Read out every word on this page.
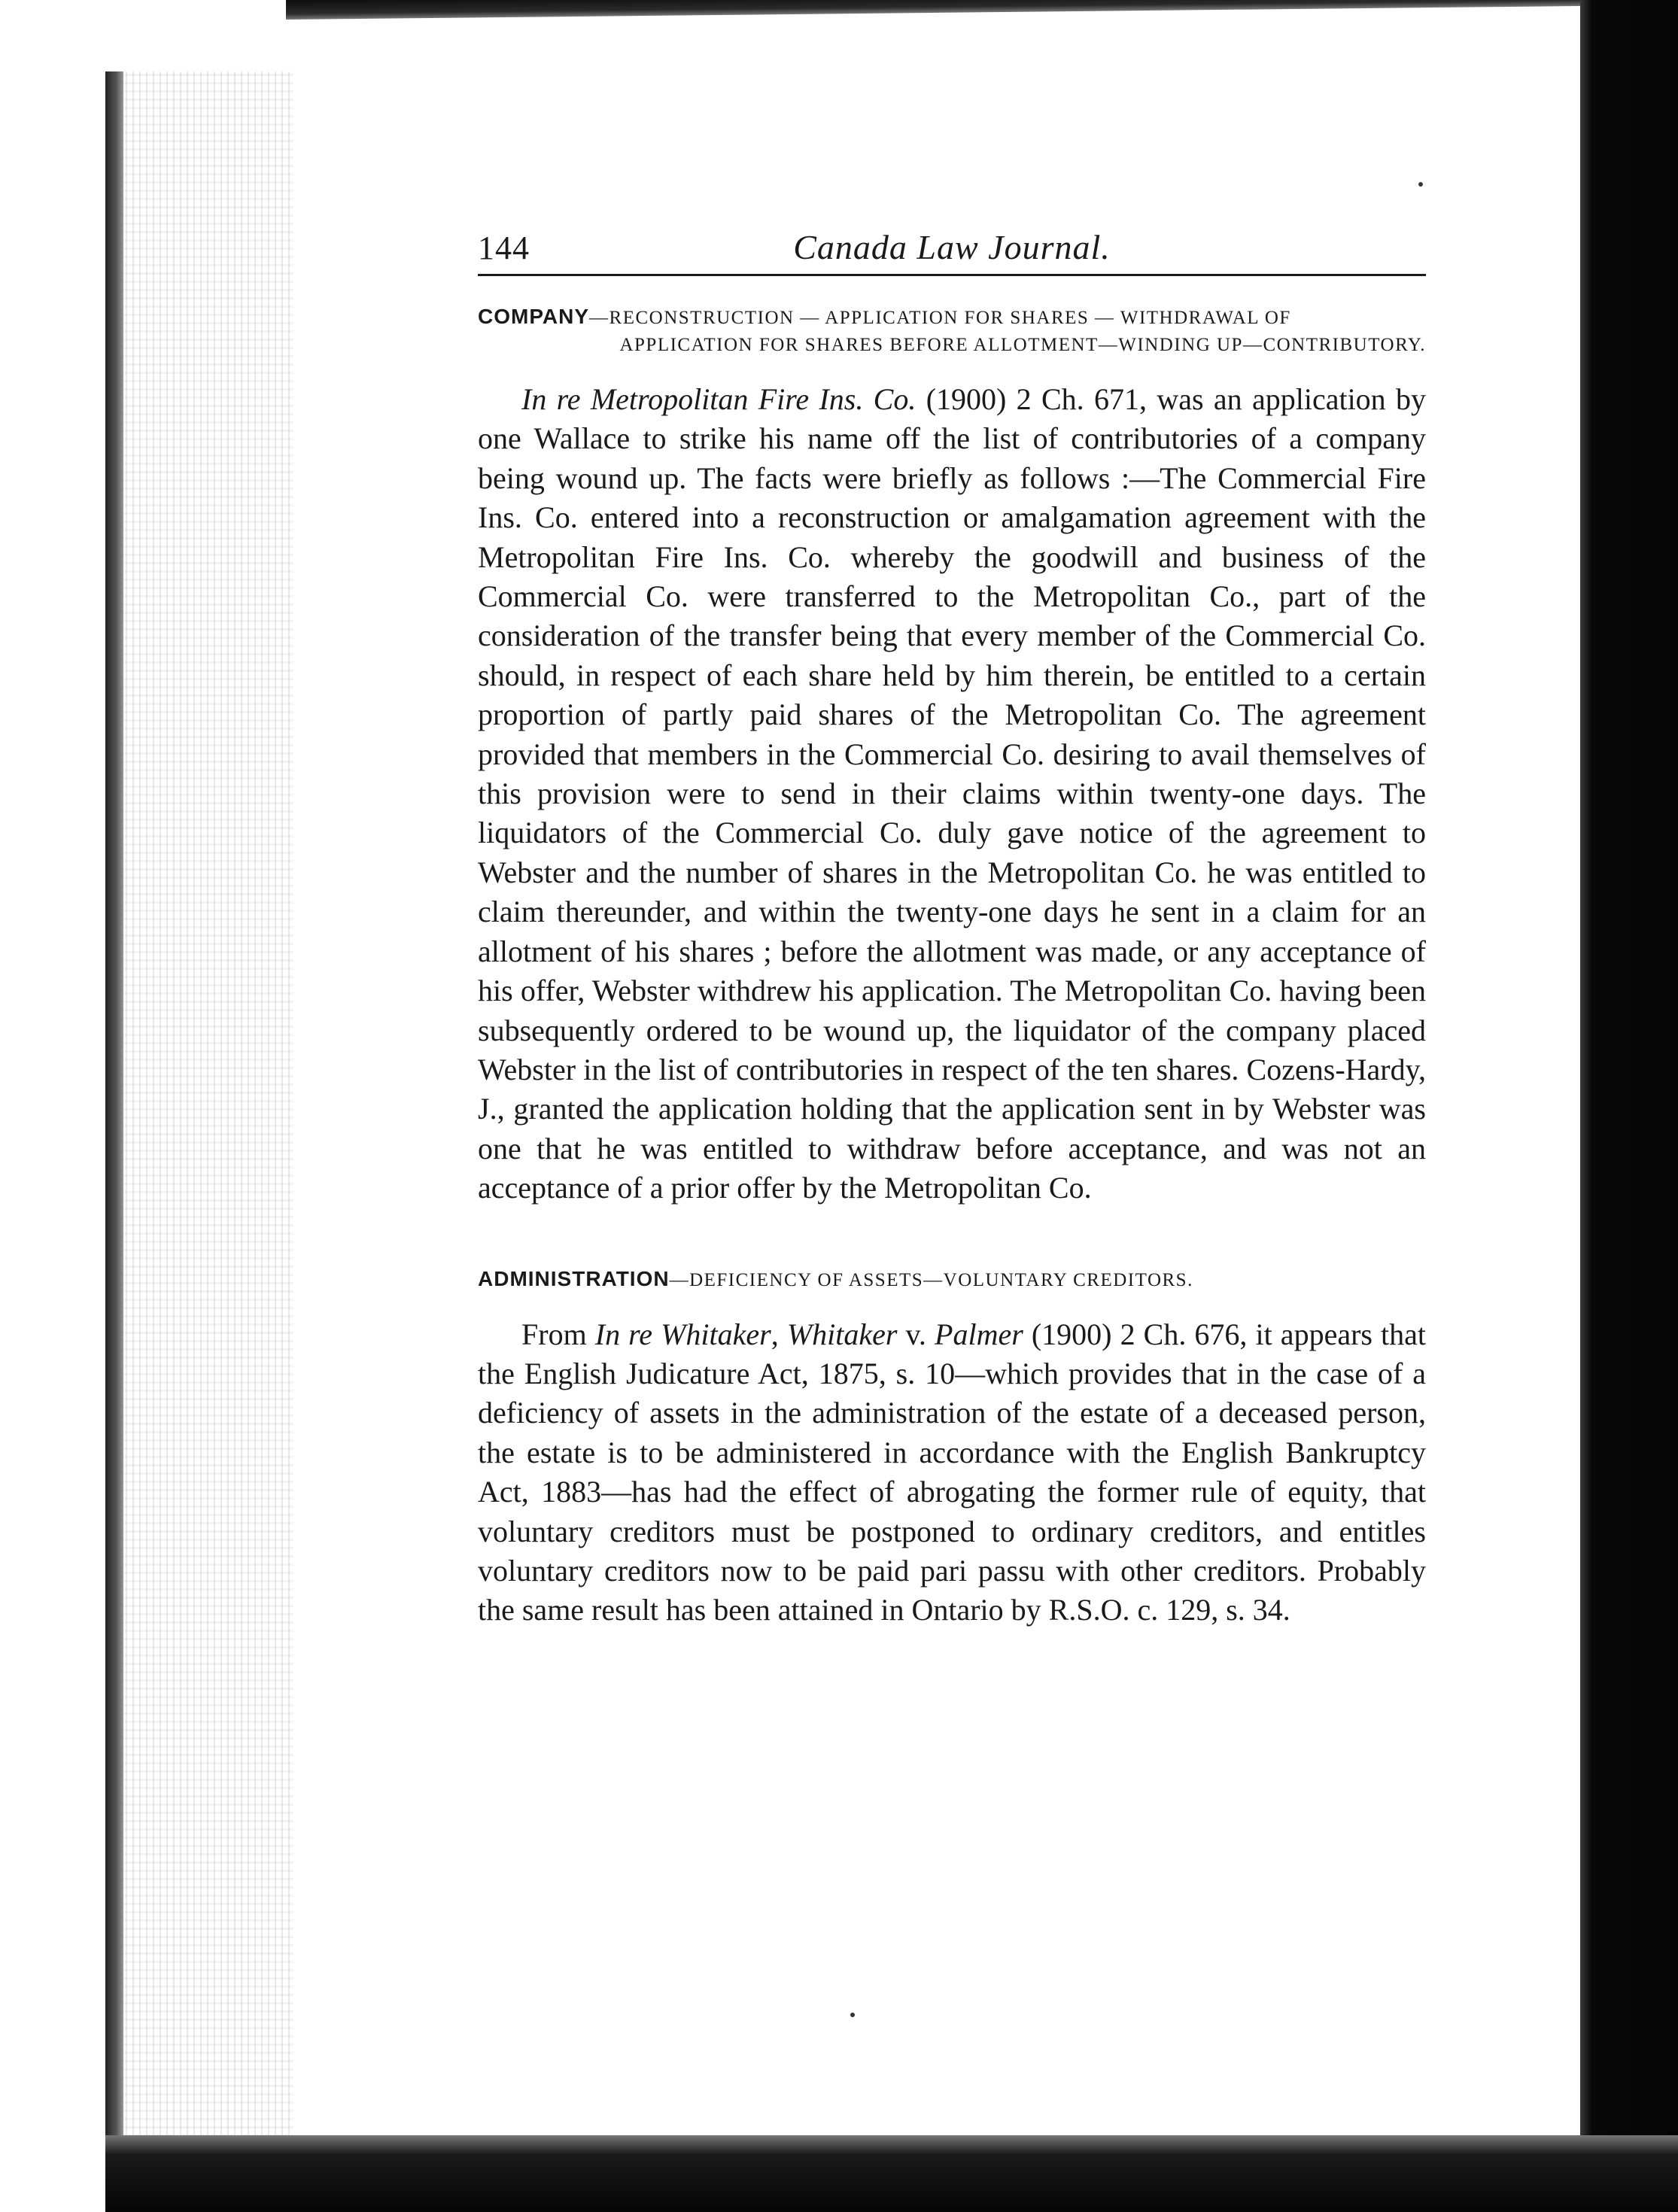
144	Canada Law Journal.
COMPANY—RECONSTRUCTION — APPLICATION FOR SHARES — WITHDRAWAL OF
APPLICATION FOR SHARES BEFORE ALLOTMENT—WINDING UP—CONTRIBUTORY.

In re Metropolitan Fire Ins. Co. (1900) 2 Ch. 671, was an application by one Wallace to strike his name off the list of contributories of a company being wound up. The facts were briefly as follows :—The Commercial Fire Ins. Co. entered into a reconstruction or amalgamation agreement with the Metropolitan Fire Ins. Co. whereby the goodwill and business of the Commercial Co. were transferred to the Metropolitan Co., part of the consideration of the transfer being that every member of the Commercial Co. should, in respect of each share held by him therein, be entitled to a certain proportion of partly paid shares of the Metropolitan Co. The agreement provided that members in the Commercial Co. desiring to avail themselves of this provision were to send in their claims within twenty-one days. The liquidators of the Commercial Co. duly gave notice of the agreement to Webster and the number of shares in the Metropolitan Co. he was entitled to claim thereunder, and within the twenty-one days he sent in a claim for an allotment of his shares ; before the allotment was made, or any acceptance of his offer, Webster withdrew his application. The Metropolitan Co. having been subsequently ordered to be wound up, the liquidator of the company placed Webster in the list of contributories in respect of the ten shares. Cozens-Hardy, J., granted the application holding that the application sent in by Webster was one that he was entitled to withdraw before acceptance, and was not an acceptance of a prior offer by the Metropolitan Co.

ADMINISTRATION—DEFICIENCY OF ASSETS—VOLUNTARY CREDITORS.

From In re Whitaker, Whitaker v. Palmer (1900) 2 Ch. 676, it appears that the English Judicature Act, 1875, s. 10—which provides that in the case of a deficiency of assets in the administration of the estate of a deceased person, the estate is to be administered in accordance with the English Bankruptcy Act, 1883—has had the effect of abrogating the former rule of equity, that voluntary creditors must be postponed to ordinary creditors, and entitles voluntary creditors now to be paid pari passu with other creditors. Probably the same result has been attained in Ontario by R.S.O. c. 129, s. 34.
